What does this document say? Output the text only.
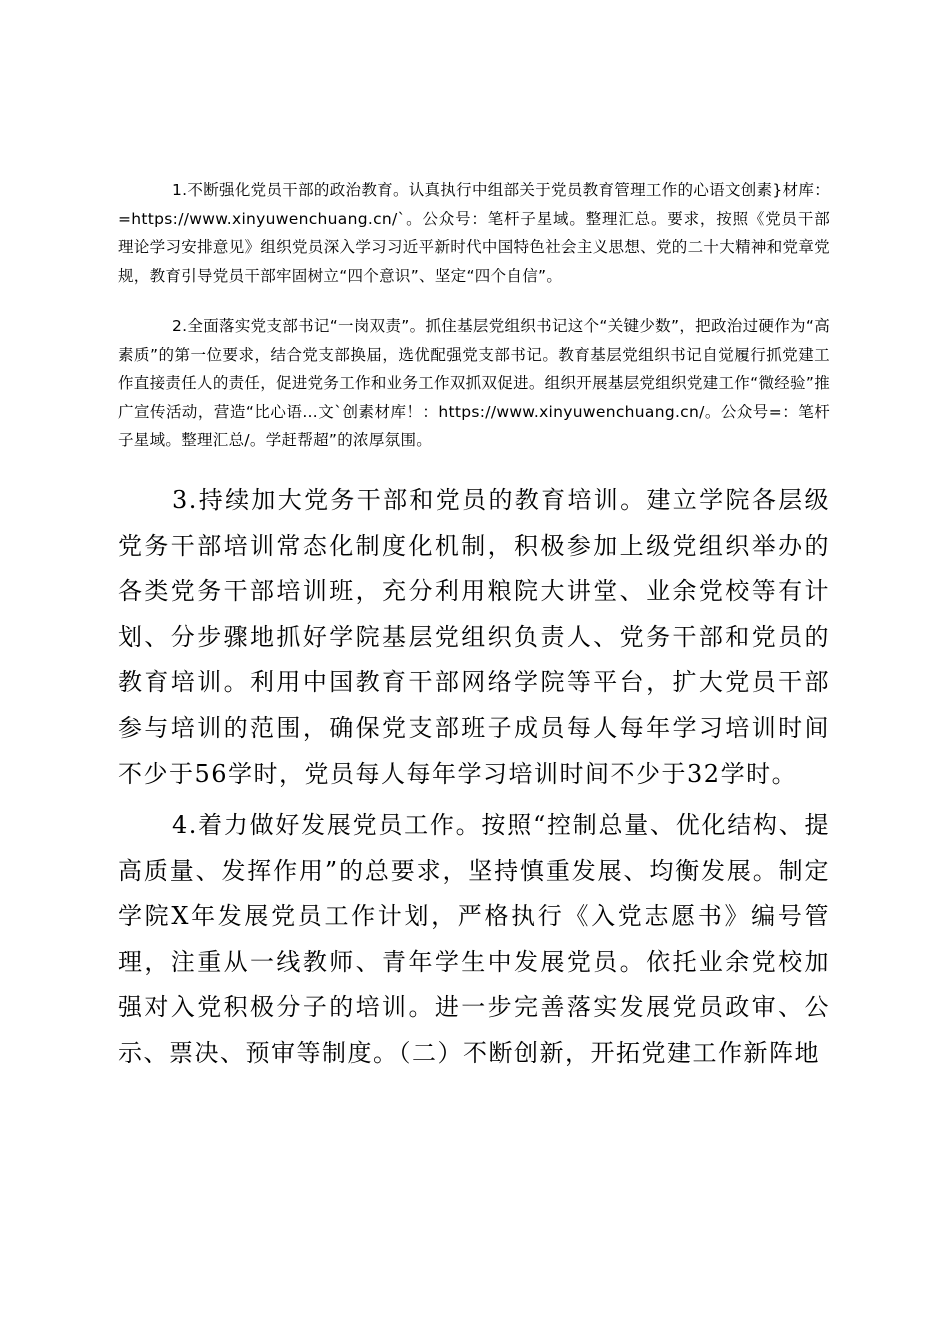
1.不断强化党员干部的政治教育。认真执行中组部关于党员教育管理工作的心语文创素}材库：=https://www.xinyuwenchuang.cn/`。公众号：笔杆子星域。整理汇总。要求，按照《党员干部理论学习安排意见》组织党员深入学习习近平新时代中国特色社会主义思想、党的二十大精神和党章党规，教育引导党员干部牢固树立“四个意识”、坚定“四个自信”。

2.全面落实党支部书记“一岗双责”。抓住基层党组织书记这个“关键少数”，把政治过硬作为“高素质”的第一位要求，结合党支部换届，选优配强党支部书记。教育基层党组织书记自觉履行抓党建工作直接责任人的责任，促进党务工作和业务工作双抓双促进。组织开展基层党组织党建工作“微经验”推广宣传活动，营造“比心语…文`创素材库！：https://www.xinyuwenchuang.cn/。公众号=：笔杆子星域。整理汇总/。学赶帮超”的浓厚氛围。

3.持续加大党务干部和党员的教育培训。建立学院各层级党务干部培训常态化制度化机制，积极参加上级党组织举办的各类党务干部培训班，充分利用粮院大讲堂、业余党校等有计划、分步骤地抓好学院基层党组织负责人、党务干部和党员的教育培训。利用中国教育干部网络学院等平台，扩大党员干部参与培训的范围，确保党支部班子成员每人每年学习培训时间不少于56学时，党员每人每年学习培训时间不少于32学时。

4.着力做好发展党员工作。按照“控制总量、优化结构、提高质量、发挥作用”的总要求，坚持慎重发展、均衡发展。制定学院X年发展党员工作计划，严格执行《入党志愿书》编号管理，注重从一线教师、青年学生中发展党员。依托业余党校加强对入党积极分子的培训。进一步完善落实发展党员政审、公示、票决、预审等制度。（二）不断创新，开拓党建工作新阵地
